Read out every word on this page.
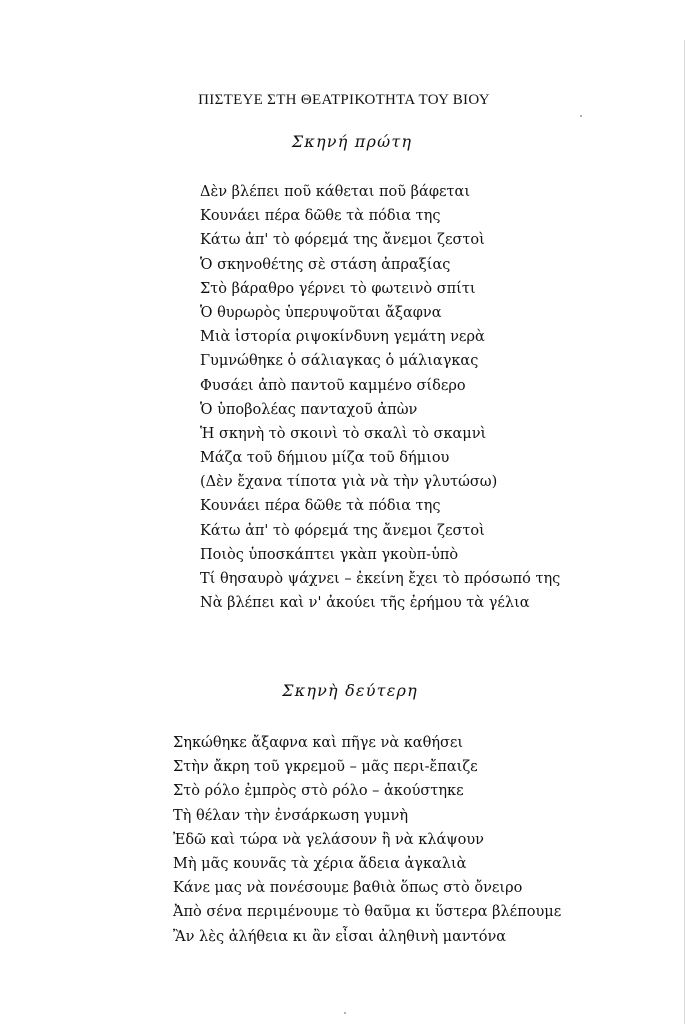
ΠΙΣΤΕΥΕ ΣΤΗ ΘΕΑΤΡΙΚΟΤΗΤΑ ΤΟΥ ΒΙΟΥ
Σκηνή πρώτη
Δὲν βλέπει ποῦ κάθεται ποῦ βάφεται
Κουνάει πέρα δῶθε τὰ πόδια της
Κάτω ἀπ' τὸ φόρεμά της ἄνεμοι ζεστοὶ
Ὁ σκηνοθέτης σὲ στάση ἀπραξίας
Στὸ βάραθρο γέρνει τὸ φωτεινὸ σπίτι
Ὁ θυρωρὸς ὑπερυψοῦται ἄξαφνα
Μιὰ ἱστορία ριψοκίνδυνη γεμάτη νερὰ
Γυμνώθηκε ὁ σάλιαγκας ὁ μάλιαγκας
Φυσάει ἀπὸ παντοῦ καμμένο σίδερο
Ὁ ὑποβολέας πανταχοῦ ἀπὼν
Ἡ σκηνὴ τὸ σκοινὶ τὸ σκαλὶ τὸ σκαμνὶ
Μάζα τοῦ δήμιου μίζα τοῦ δήμιου
(Δὲν ἔχανα τίποτα γιὰ νὰ τὴν γλυτώσω)
Κουνάει πέρα δῶθε τὰ πόδια της
Κάτω ἀπ' τὸ φόρεμά της ἄνεμοι ζεστοὶ
Ποιὸς ὑποσκάπτει γκὰπ γκοὺπ-ὑπὸ
Τί θησαυρὸ ψάχνει – ἐκείνη ἔχει τὸ πρόσωπό της
Νὰ βλέπει καὶ ν' ἀκούει τῆς ἐρήμου τὰ γέλια
Σκηνὴ δεύτερη
Σηκώθηκε ἄξαφνα καὶ πῆγε νὰ καθήσει
Στὴν ἄκρη τοῦ γκρεμοῦ – μᾶς περι-ἔπαιζε
Στὸ ρόλο ἐμπρὸς στὸ ρόλο – ἀκούστηκε
Τὴ θέλαν τὴν ἐνσάρκωση γυμνὴ
Ἐδῶ καὶ τώρα νὰ γελάσουν ἢ νὰ κλάψουν
Μὴ μᾶς κουνᾶς τὰ χέρια ἄδεια ἀγκαλιὰ
Κάνε μας νὰ πονέσουμε βαθιὰ ὅπως στὸ ὄνειρο
Ἀπὸ σένα περιμένουμε τὸ θαῦμα κι ὕστερα βλέπουμε
Ἂν λὲς ἀλήθεια κι ἂν εἶσαι ἀληθινὴ μαντόνα
